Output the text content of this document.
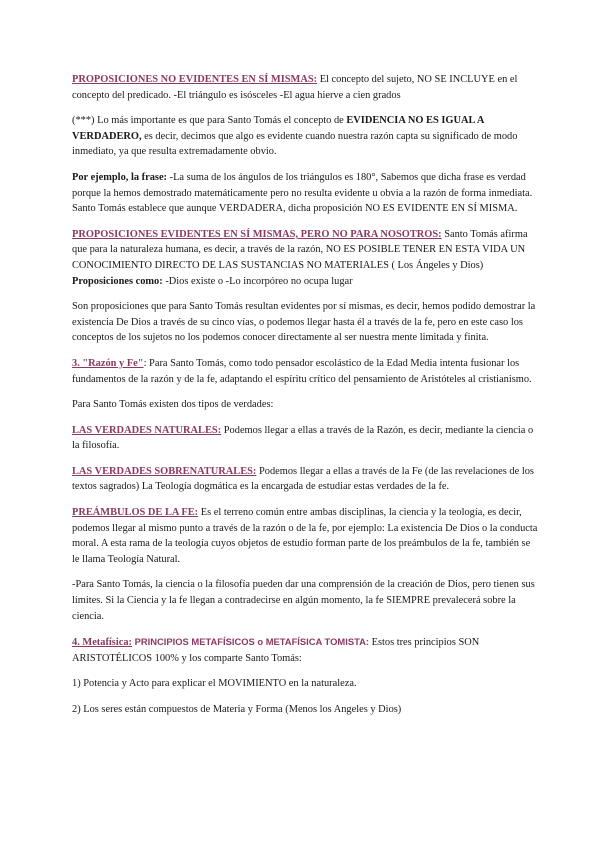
PROPOSICIONES NO EVIDENTES EN SÍ MISMAS: El concepto del sujeto, NO SE INCLUYE en el concepto del predicado. -El triángulo es isósceles -El agua hierve a cien grados

(***) Lo más importante es que para Santo Tomás el concepto de EVIDENCIA NO ES IGUAL A VERDADERO, es decir, decimos que algo es evidente cuando nuestra razón capta su significado de modo inmediato, ya que resulta extremadamente obvio.

Por ejemplo, la frase: -La suma de los ángulos de los triángulos es 180°, Sabemos que dicha frase es verdad porque la hemos demostrado matemáticamente pero no resulta evidente u obvia a la razón de forma inmediata. Santo Tomás establece que aunque VERDADERA, dicha proposición NO ES EVIDENTE EN SÍ MISMA.

PROPOSICIONES EVIDENTES EN SÍ MISMAS, PERO NO PARA NOSOTROS: Santo Tomás afirma que para la naturaleza humana, es decir, a través de la razón, NO ES POSIBLE TENER EN ESTA VIDA UN CONOCIMIENTO DIRECTO DE LAS SUSTANCIAS NO MATERIALES ( Los Ángeles y Dios) Proposiciones como: -Dios existe o -Lo incorpóreo no ocupa lugar

Son proposiciones que para Santo Tomás resultan evidentes por sí mismas, es decir, hemos podido demostrar la existencia De Dios a través de su cinco vías, o podemos llegar hasta él a través de la fe, pero en este caso los conceptos de los sujetos no los podemos conocer directamente al ser nuestra mente limitada y finita.

3. "Razón y Fe": Para Santo Tomás, como todo pensador escolástico de la Edad Media intenta fusionar los fundamentos de la razón y de la fe, adaptando el espíritu crítico del pensamiento de Aristóteles al cristianismo.

Para Santo Tomás existen dos tipos de verdades:

LAS VERDADES NATURALES: Podemos llegar a ellas a través de la Razón, es decir, mediante la ciencia o la filosofía.

LAS VERDADES SOBRENATURALES: Podemos llegar a ellas a través de la Fe (de las revelaciones de los textos sagrados) La Teología dogmática es la encargada de estudiar estas verdades de la fe.

PREÁMBULOS DE LA FE: Es el terreno común entre ambas disciplinas, la ciencia y la teología, es decir, podemos llegar al mismo punto a través de la razón o de la fe, por ejemplo: La existencia De Dios o la conducta moral. A esta rama de la teología cuyos objetos de estudio forman parte de los preámbulos de la fe, también se le llama Teología Natural.

-Para Santo Tomás, la ciencia o la filosofía pueden dar una comprensión de la creación de Dios, pero tienen sus límites. Si la Ciencia y la fe llegan a contradecirse en algún momento, la fe SIEMPRE prevalecerá sobre la ciencia.

4. Metafísica: PRINCIPIOS METAFÍSICOS o METAFÍSICA TOMISTA: Estos tres principios SON ARISTOTÉLICOS 100% y los comparte Santo Tomás:

1) Potencia y Acto para explicar el MOVIMIENTO en la naturaleza.

2) Los seres están compuestos de Materia y Forma (Menos los Angeles y Dios)
